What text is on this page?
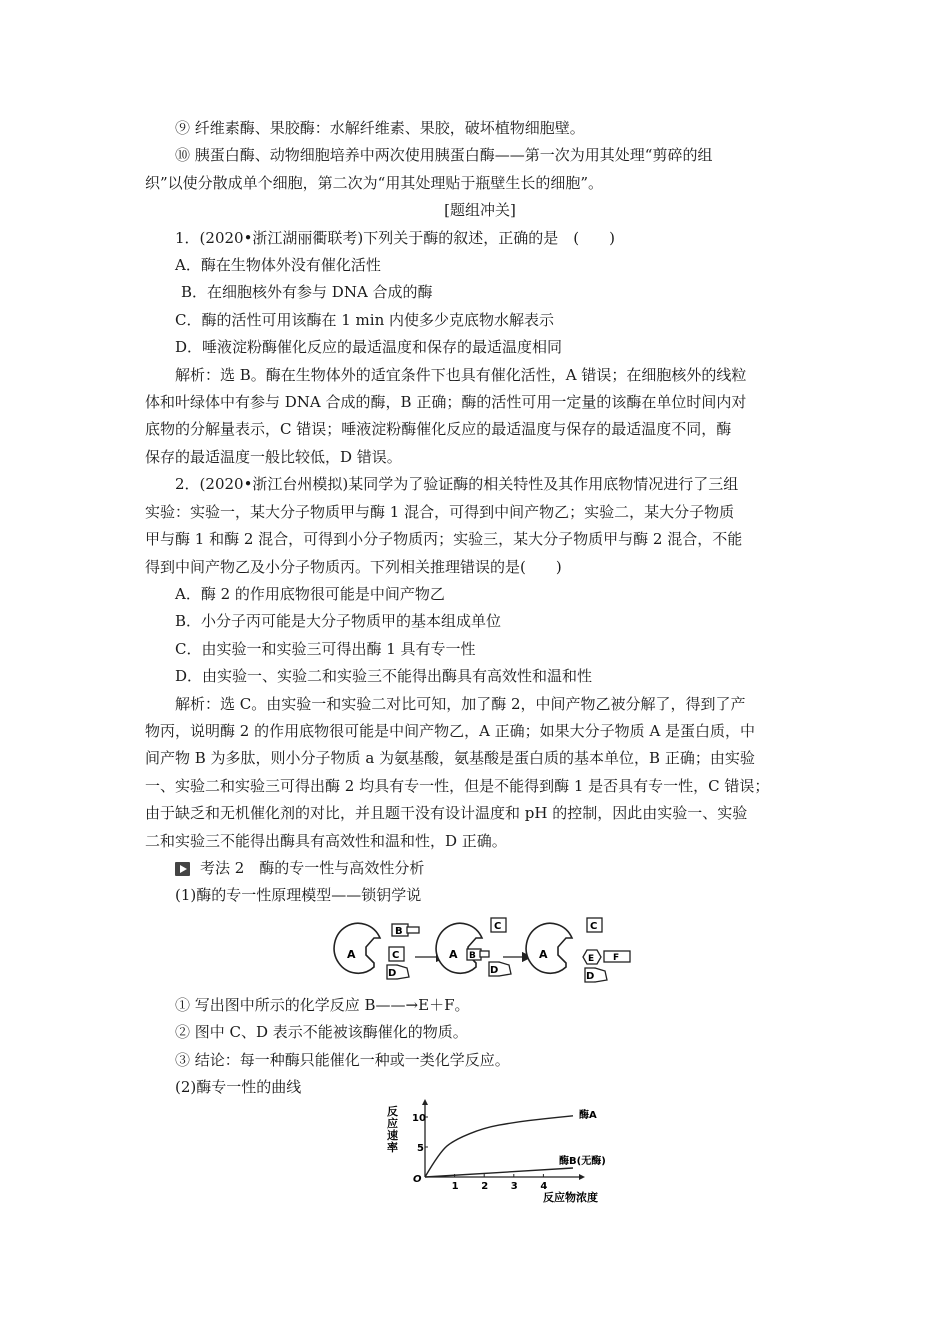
⑨ 纤维素酶、果胶酶：水解纤维素、果胶，破坏植物细胞壁。
⑩ 胰蛋白酶、动物细胞培养中两次使用胰蛋白酶——第一次为用其处理“剪碎的组
织”以使分散成单个细胞，第二次为“用其处理贴于瓶壁生长的细胞”。
[题组冲关]
1．(2020•浙江湖丽衢联考)下列关于酶的叙述，正确的是　(　　)
A．酶在生物体外没有催化活性
B．在细胞核外有参与 DNA 合成的酶
C．酶的活性可用该酶在 1 min 内使多少克底物水解表示
D．唾液淀粉酶催化反应的最适温度和保存的最适温度相同
解析：选 B。酶在生物体外的适宜条件下也具有催化活性，A 错误；在细胞核外的线粒
体和叶绿体中有参与 DNA 合成的酶，B 正确；酶的活性可用一定量的该酶在单位时间内对
底物的分解量表示，C 错误；唾液淀粉酶催化反应的最适温度与保存的最适温度不同，酶
保存的最适温度一般比较低，D 错误。
2．(2020•浙江台州模拟)某同学为了验证酶的相关特性及其作用底物情况进行了三组
实验：实验一，某大分子物质甲与酶 1 混合，可得到中间产物乙；实验二，某大分子物质
甲与酶 1 和酶 2 混合，可得到小分子物质丙；实验三，某大分子物质甲与酶 2 混合，不能
得到中间产物乙及小分子物质丙。下列相关推理错误的是(　　)
A．酶 2 的作用底物很可能是中间产物乙
B．小分子丙可能是大分子物质甲的基本组成单位
C．由实验一和实验三可得出酶 1 具有专一性
D．由实验一、实验二和实验三不能得出酶具有高效性和温和性
解析：选 C。由实验一和实验二对比可知，加了酶 2，中间产物乙被分解了，得到了产
物丙，说明酶 2 的作用底物很可能是中间产物乙，A 正确；如果大分子物质 A 是蛋白质，中
间产物 B 为多肽，则小分子物质 a 为氨基酸，氨基酸是蛋白质的基本单位，B 正确；由实验
一、实验二和实验三可得出酶 2 均具有专一性，但是不能得到酶 1 是否具有专一性，C 错误；
由于缺乏和无机催化剂的对比，并且题干没有设计温度和 pH 的控制，因此由实验一、实验
二和实验三不能得出酶具有高效性和温和性，D 正确。
考法 2　酶的专一性与高效性分析
(1)酶的专一性原理模型——锁钥学说
A
B
C
D
A B
C
D
A
C
E F
D
① 写出图中所示的化学反应 B——→E＋F。
② 图中 C、D 表示不能被该酶催化的物质。
③ 结论：每一种酶只能催化一种或一类化学反应。
(2)酶专一性的曲线
O
1 2 3 4
5
10
反
应
速
率
反应物浓度
酶A
酶B(无酶)
